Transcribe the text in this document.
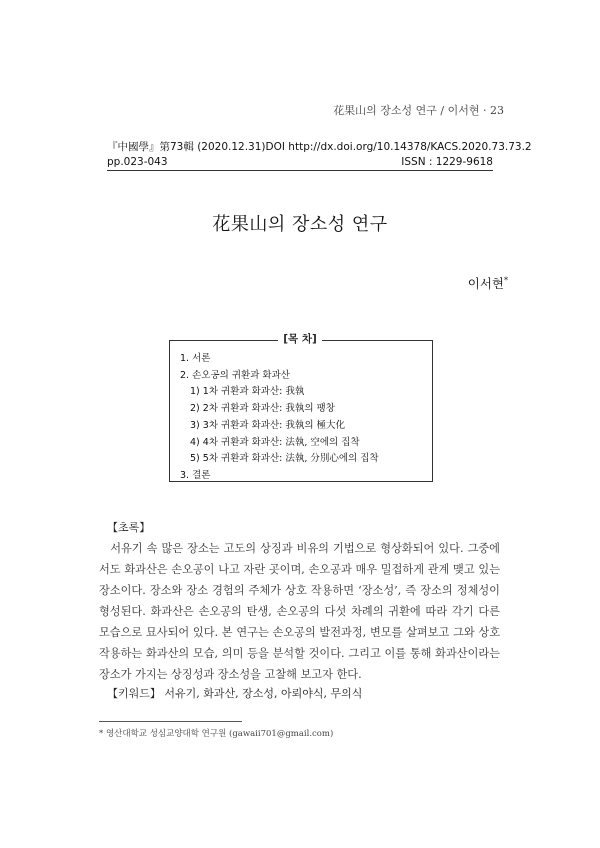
花果山의 장소성 연구 / 이서현 · 23
『中國學』第73輯 (2020.12.31) DOI http://dx.doi.org/10.14378/KACS.2020.73.73.2
pp.023-043	ISSN : 1229-9618
花果山의 장소성 연구
이서현*
[목 차]
1. 서론
2. 손오공의 귀환과 화과산
1) 1차 귀환과 화과산: 我執
2) 2차 귀환과 화과산: 我執의 팽창
3) 3차 귀환과 화과산: 我執의 極大化
4) 4차 귀환과 화과산: 法執, 空에의 집착
5) 5차 귀환과 화과산: 法執, 分別心에의 집착
3. 결론
【초록】

서유기 속 많은 장소는 고도의 상징과 비유의 기법으로 형상화되어 있다. 그중에서도 화과산은 손오공이 나고 자란 곳이며, 손오공과 매우 밀접하게 관계 맺고 있는 장소이다. 장소와 장소 경험의 주체가 상호 작용하면 ‘장소성’, 즉 장소의 정체성이 형성된다. 화과산은 손오공의 탄생, 손오공의 다섯 차례의 귀환에 따라 각기 다른 모습으로 묘사되어 있다. 본 연구는 손오공의 발전과정, 변모를 살펴보고 그와 상호작용하는 화과산의 모습, 의미 등을 분석할 것이다. 그리고 이를 통해 화과산이라는 장소가 가지는 상징성과 장소성을 고찰해 보고자 한다.

【키워드】 서유기, 화과산, 장소성, 아뢰야식, 무의식
* 영산대학교 성심교양대학 연구원 (gawaii701@gmail.com)
